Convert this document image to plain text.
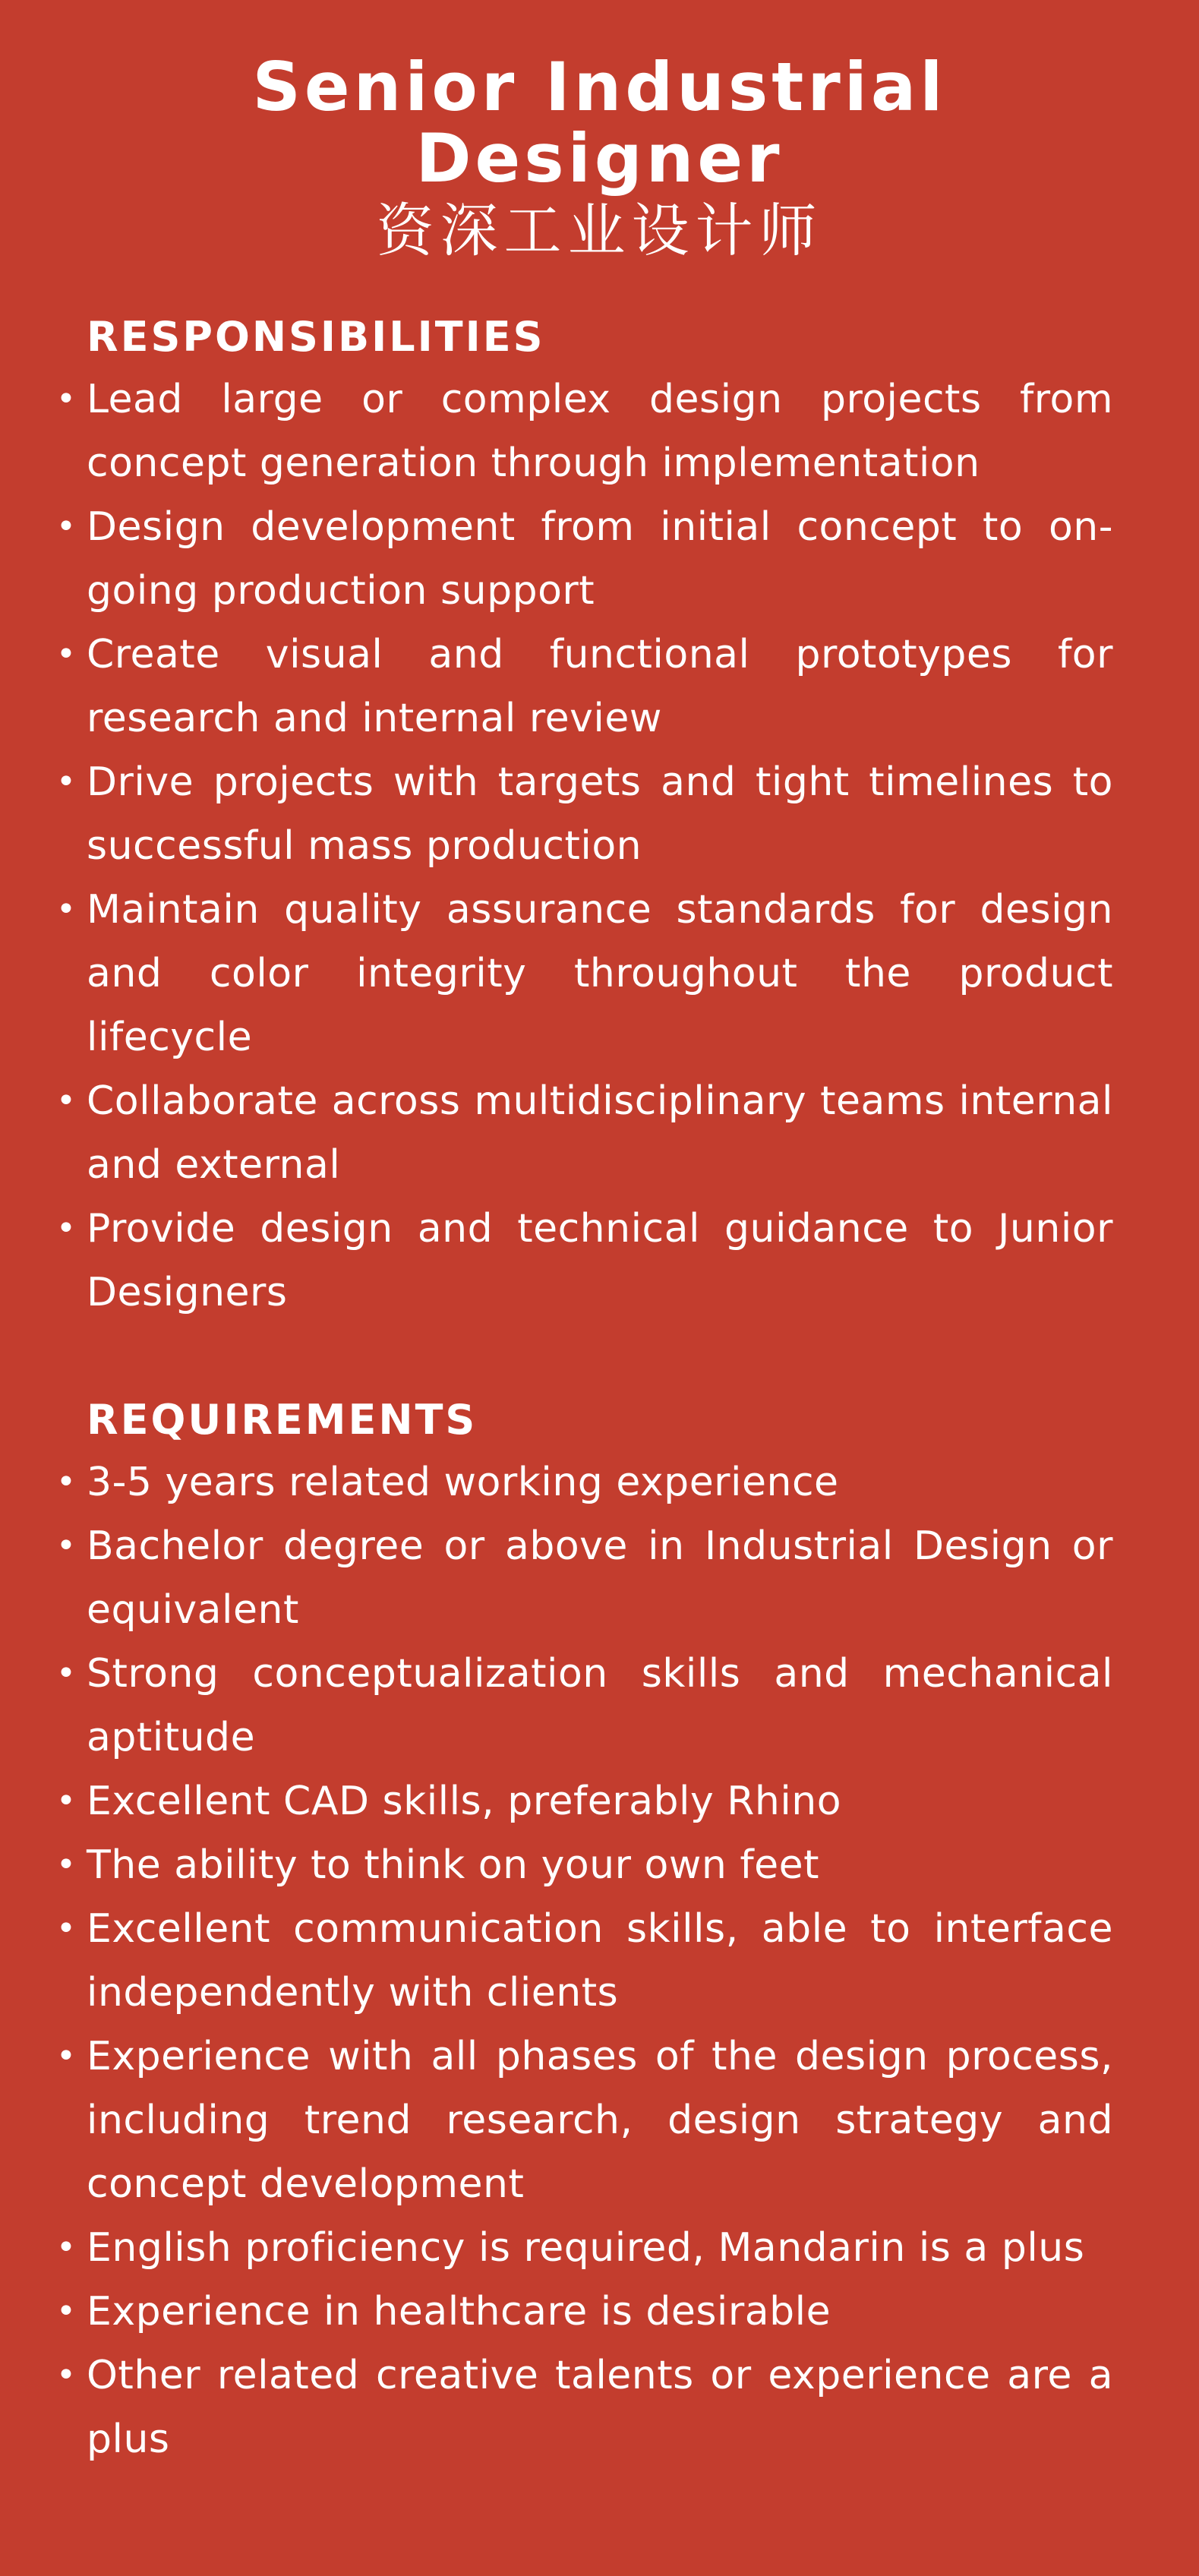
Senior Industrial Designer
资深工业设计师
RESPONSIBILITIES
• Lead large or complex design projects from concept generation through implementation
• Design development from initial concept to on-going production support
• Create visual and functional prototypes for research and internal review
• Drive projects with targets and tight timelines to successful mass production
• Maintain quality assurance standards for design and color integrity throughout the product lifecycle
• Collaborate across multidisciplinary teams internal and external
• Provide design and technical guidance to Junior Designers
REQUIREMENTS
• 3-5 years related working experience
• Bachelor degree or above in Industrial Design or equivalent
• Strong conceptualization skills and mechanical aptitude
• Excellent CAD skills, preferably Rhino
• The ability to think on your own feet
• Excellent communication skills, able to interface independently with clients
• Experience with all phases of the design process, including trend research, design strategy and concept development
• English proficiency is required, Mandarin is a plus
• Experience in healthcare is desirable
• Other related creative talents or experience are a plus
